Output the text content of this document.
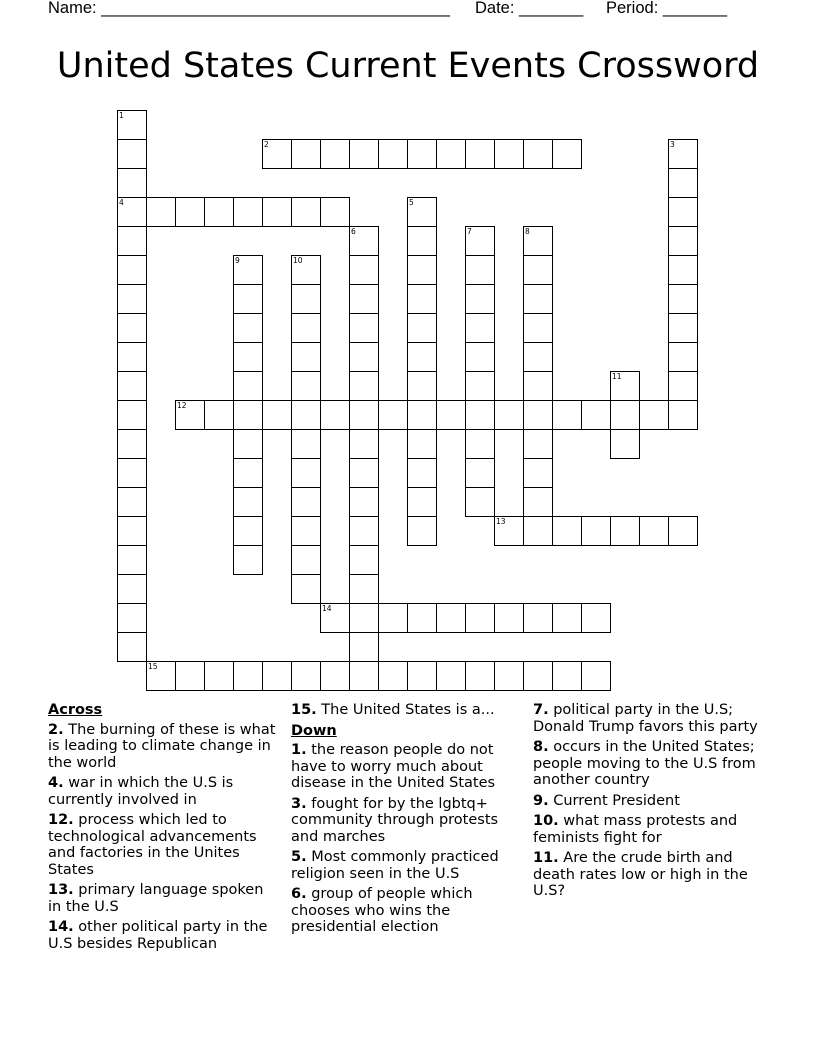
Name: ______________________________________ Date: _______ Period: _______
United States Current Events Crossword
2
4
12
13
14
15
1
3
5
6	7	8
9	10
11
Across
2. The burning of these is what is leading to climate change in the world
4. war in which the U.S is currently involved in
12. process which led to technological advancements and factories in the Unites States
13. primary language spoken in the U.S
14. other political party in the U.S besides Republican
15. The United States is a...
Down
1. the reason people do not have to worry much about disease in the United States
3. fought for by the lgbtq+ community through protests and marches
5. Most commonly practiced religion seen in the U.S
6. group of people which chooses who wins the presidential election
7. political party in the U.S; Donald Trump favors this party
8. occurs in the United States; people moving to the U.S from another country
9. Current President
10. what mass protests and feminists fight for
11. Are the crude birth and death rates low or high in the U.S?
